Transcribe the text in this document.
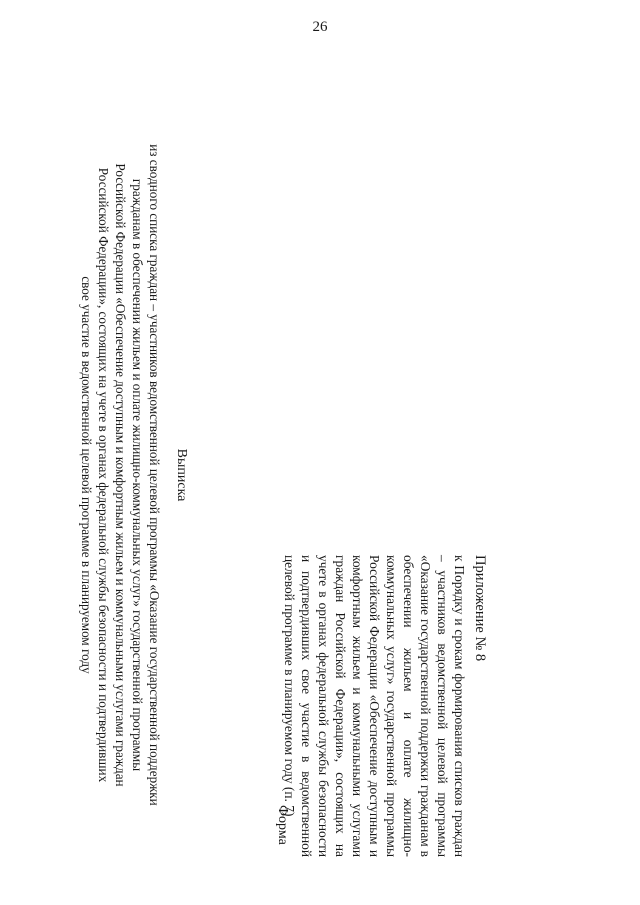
26

Приложение № 8

к Порядку и срокам формирования списков граждан – участников ведомственной целевой программы «Оказание государственной поддержки гражданам в обеспечении жильем и оплате жилищно-коммунальных услуг» государственной программы Российской Федерации «Обеспечение доступным и комфортным жильем и коммунальными услугами граждан Российской Федерации», состоящих на учете в органах федеральной службы безопасности и подтвердивших свое участие в ведомственной целевой программе в планируемом году (п. 7)

Форма

Выписка

из сводного списка граждан – участников ведомственной целевой программы «Оказание государственной поддержки
гражданам в обеспечении жильем и оплате жилищно-коммунальных услуг» государственной программы
Российской Федерации «Обеспечение доступным и комфортным жильем и коммунальными услугами граждан
Российской Федерации», состоящих на учете в органах федеральной службы безопасности и подтвердивших
свое участие в ведомственной целевой программе в планируемом году
